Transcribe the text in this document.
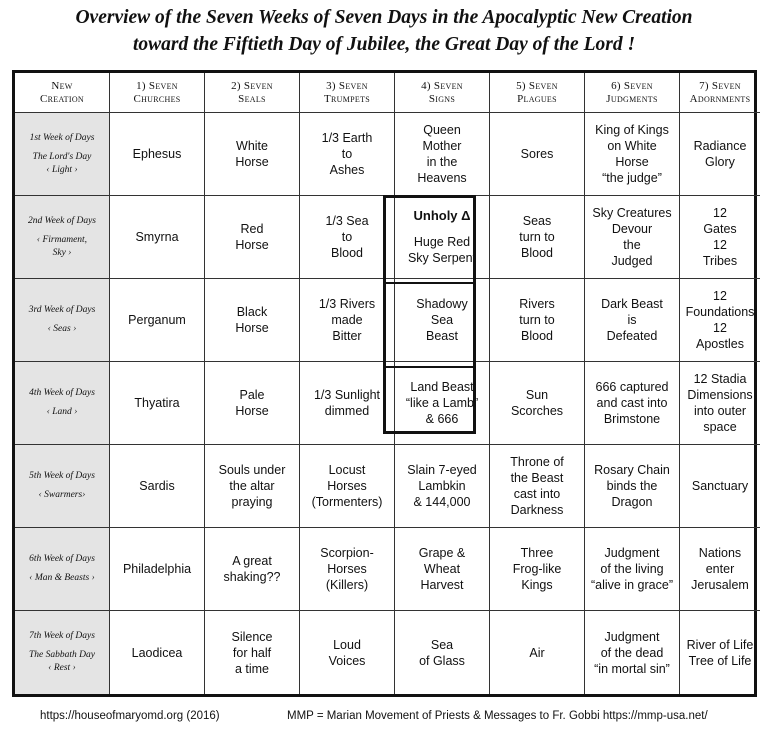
Overview of the Seven Weeks of Seven Days in the Apocalyptic New Creation
toward the Fiftieth Day of Jubilee, the Great Day of the Lord !
New
Creation
1) Seven
Churches
2) Seven
Seals
3) Seven
Trumpets
4) Seven
Signs
5) Seven
Plagues
6) Seven
Judgments
7) Seven
Adornments
1st Week of Days
The Lord's Day
‹ Light ›
Ephesus
White
Horse
1/3 Earth
to
Ashes
Queen
Mother
in the
Heavens
Sores
King of Kings
on White
Horse
“the judge”
Radiance
Glory
2nd Week of Days
‹ Firmament,
Sky ›
Smyrna
Red
Horse
1/3 Sea
to
Blood
Unholy Δ
Huge Red
Sky Serpent
Seas
turn to
Blood
Sky Creatures
Devour
the
Judged
12
Gates
12
Tribes
3rd Week of Days
‹ Seas ›
Perganum
Black
Horse
1/3 Rivers
made
Bitter
Shadowy
Sea
Beast
Rivers
turn to
Blood
Dark Beast
is
Defeated
12
Foundations
12
Apostles
4th Week of Days
‹ Land ›
Thyatira
Pale
Horse
1/3 Sunlight
dimmed
Land Beast
“like a Lamb”
& 666
Sun
Scorches
666 captured
and cast into
Brimstone
12 Stadia
Dimensions
into outer
space
5th Week of Days
‹ Swarmers›
Sardis
Souls under
the altar
praying
Locust
Horses
(Tormenters)
Slain 7-eyed
Lambkin
& 144,000
Throne of
the Beast
cast into
Darkness
Rosary Chain
binds the
Dragon
Sanctuary
6th Week of Days
‹ Man & Beasts ›
Philadelphia
A great
shaking??
Scorpion-
Horses
(Killers)
Grape &
Wheat
Harvest
Three
Frog-like
Kings
Judgment
of the living
“alive in grace”
Nations
enter
Jerusalem
7th Week of Days
The Sabbath Day
‹ Rest ›
Laodicea
Silence
for half
a time
Loud
Voices
Sea
of Glass
Air
Judgment
of the dead
“in mortal sin”
River of Life
Tree of Life
https://houseofmaryomd.org (2016)	MMP = Marian Movement of Priests & Messages to Fr. Gobbi https://mmp-usa.net/
